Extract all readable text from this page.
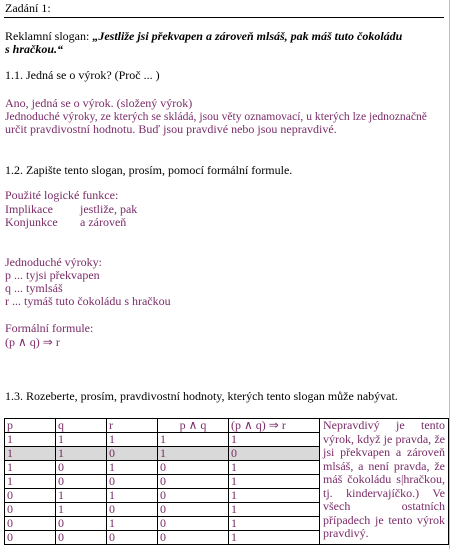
Zadání 1:
Reklamní slogan: „Jestliže jsi překvapen a zároveň mlsáš, pak máš tuto čokoládu
s hračkou.“
1.1. Jedná se o výrok? (Proč ... )
Ano, jedná se o výrok. (složený výrok)
Jednoduché výroky, ze kterých se skládá, jsou věty oznamovací, u kterých lze jednoznačně
určit pravdivostní hodnotu. Buď jsou pravdivé nebo jsou nepravdivé.
1.2. Zapište tento slogan, prosím, pomocí formální formule.
Použité logické funkce:
Implikace jestliže, pak
Konjunkce a zároveň
Jednoduché výroky:
p ... tyjsi překvapen
q ... tymlsáš
r ... tymáš tuto čokoládu s hračkou
Formální formule:
(p ∧ q) ⇒ r
1.3. Rozeberte, prosím, pravdivostní hodnoty, kterých tento slogan může nabývat.
p	q	r	p ∧ q	(p ∧ q) ⇒ r	Nepravdivý je tento výrok, když je pravda, že jsi překvapen a zároveň mlsáš, a není pravda, že máš čokoládu s|hračkou, tj. kindervajíčko.) Ve všech ostatních případech je tento výrok pravdivý.
1	1	1	1	1	
1	1	0	1	0	
1	0	1	0	1	
1	0	0	0	1	
0	1	1	0	1	
0	1	0	0	1	
0	0	1	0	1	
0	0	0	0	1	
